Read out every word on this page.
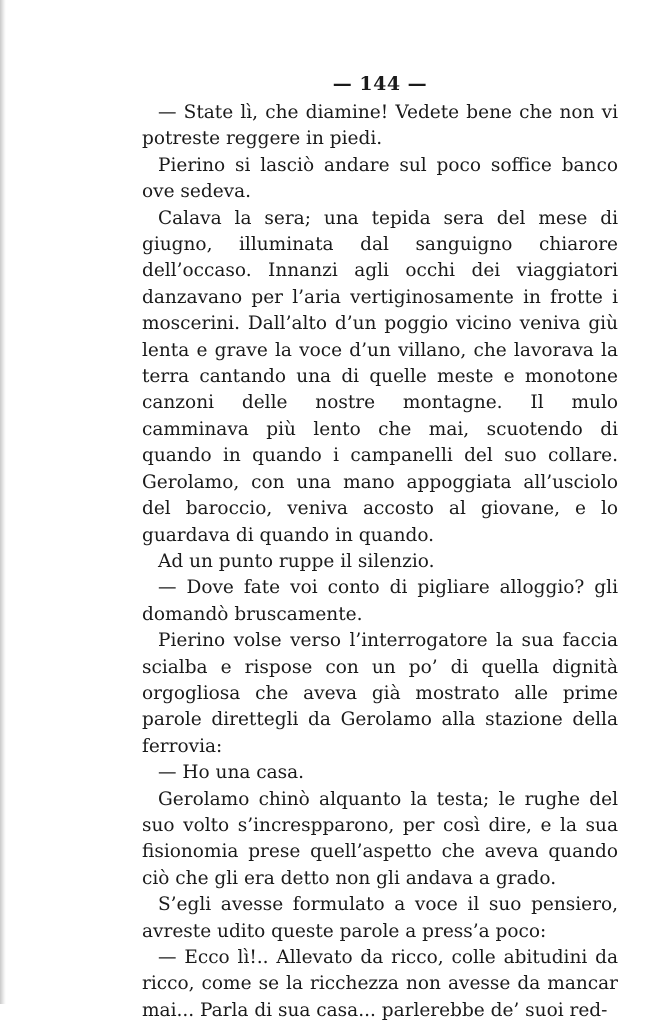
— 144 —

— State lì, che diamine! Vedete bene che non vi potreste reggere in piedi.

Pierino si lasciò andare sul poco soffice banco ove sedeva.

Calava la sera; una tepida sera del mese di giugno, illuminata dal sanguigno chiarore dell’occaso. Innanzi agli occhi dei viaggiatori danzavano per l’aria vertiginosamente in frotte i moscerini. Dall’alto d’un poggio vicino veniva giù lenta e grave la voce d’un villano, che lavorava la terra cantando una di quelle meste e monotone canzoni delle nostre montagne. Il mulo camminava più lento che mai, scuotendo di quando in quando i campanelli del suo collare. Gerolamo, con una mano appoggiata all’usciolo del baroccio, veniva accosto al giovane, e lo guardava di quando in quando.

Ad un punto ruppe il silenzio.

— Dove fate voi conto di pigliare alloggio? gli domandò bruscamente.

Pierino volse verso l’interrogatore la sua faccia scialba e rispose con un po’ di quella dignità orgogliosa che aveva già mostrato alle prime parole direttegli da Gerolamo alla stazione della ferrovia:

— Ho una casa.

Gerolamo chinò alquanto la testa; le rughe del suo volto s’increspparono, per così dire, e la sua fisionomia prese quell’aspetto che aveva quando ciò che gli era detto non gli andava a grado.

S’egli avesse formulato a voce il suo pensiero, avreste udito queste parole a press’a poco:

— Ecco lì!.. Allevato da ricco, colle abitudini da ricco, come se la ricchezza non avesse da mancar mai... Parla di sua casa... parlerebbe de’ suoi red-
